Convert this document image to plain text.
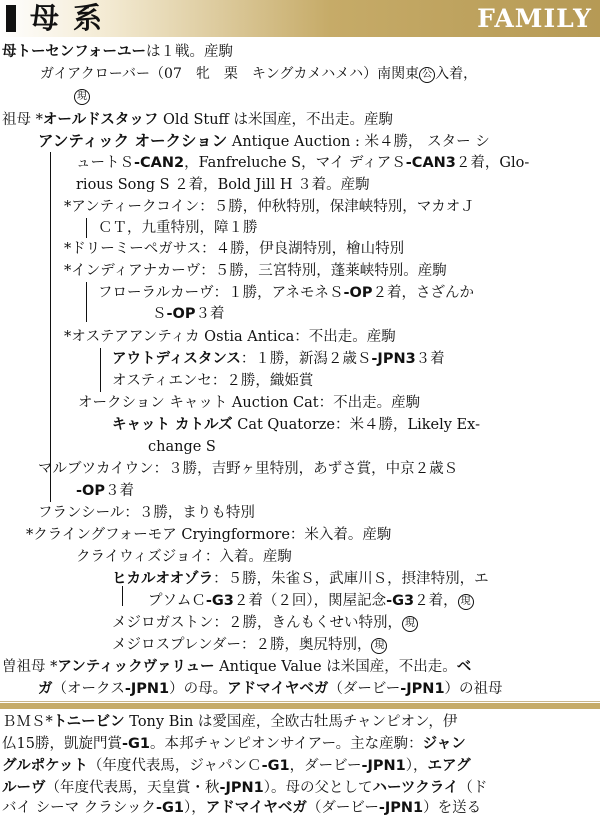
母系	FAMILY
母トーセンフォーユーは１戦。産駒
ガイアクローバー（07　牝　栗　キングカメハメハ）南関東 公 入着，
現
祖母 *オールドスタッフ Old Stuff は米国産，不出走。産駒
アンティック オークション Antique Auction : 米４勝， スター シ
ュートＳ-CAN2，Fanfreluche S，マイ ディアＳ-CAN3２着，Glo-
rious Song S ２着，Bold Jill H ３着。産駒
*アンティークコイン：５勝，仲秋特別，保津峡特別，マカオＪ
ＣＴ，九重特別，障１勝
*ドリーミーペガサス：４勝，伊良湖特別，檜山特別
*インディアナカーヴ：５勝，三宮特別，蓬莱峡特別。産駒
フローラルカーヴ：１勝，アネモネＳ-OP２着，さざんか
Ｓ-OP３着
*オステアアンティカ Ostia Antica：不出走。産駒
アウトディスタンス：１勝，新潟２歳Ｓ-JPN3３着
オスティエンセ：２勝，織姫賞
オークション キャット Auction Cat：不出走。産駒
キャット カトルズ Cat Quatorze：米４勝，Likely Ex-
change S
マルブツカイウン：３勝，吉野ヶ里特別，あずさ賞，中京２歳Ｓ
-OP３着
フランシール：３勝，まりも特別
*クライングフォーモア Cryingformore：米入着。産駒
クライウィズジョイ：入着。産駒
ヒカルオオゾラ：５勝，朱雀Ｓ，武庫川Ｓ，摂津特別，エ
プソムＣ-G3２着（２回），関屋記念-G3２着， 現
メジロガストン：２勝，きんもくせい特別， 現
メジロスプレンダー：２勝，奥尻特別， 現
曽祖母 *アンティックヴァリュー Antique Value は米国産，不出走。ベ
ガ（オークス-JPN1）の母。アドマイヤベガ（ダービー-JPN1）の祖母
ＢＭＳ*トニービン Tony Bin は愛国産，全欧古牡馬チャンピオン，伊
仏15勝，凱旋門賞-G1。本邦チャンピオンサイアー。主な産駒：ジャン
グルポケット（年度代表馬，ジャパンＣ-G1，ダービー-JPN1），エアグ
ルーヴ（年度代表馬，天皇賞・秋-JPN1）。母の父としてハーツクライ（ド
バイ シーマ クラシック-G1），アドマイヤベガ（ダービー-JPN1）を送る
